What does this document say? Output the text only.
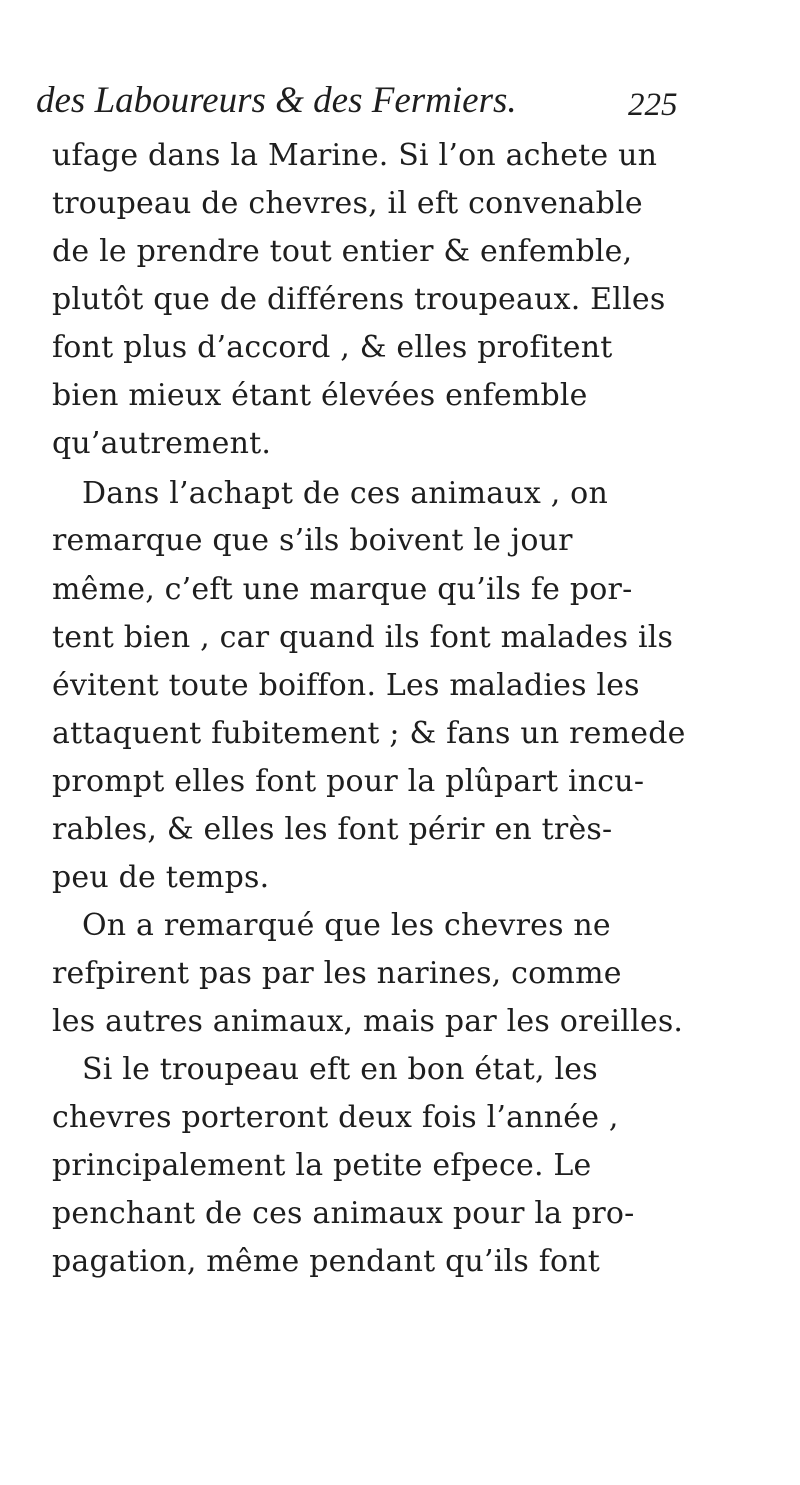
des Laboureurs & des Fermiers.	225
ufage dans la Marine. Si l’on achete un
troupeau de chevres, il eft convenable
de le prendre tout entier & enfemble,
plutôt que de différens troupeaux. Elles
font plus d’accord , & elles profitent
bien mieux étant élevées enfemble
qu’autrement.
Dans l’achapt de ces animaux , on
remarque que s’ils boivent le jour
même, c’eft une marque qu’ils fe por-
tent bien , car quand ils font malades ils
évitent toute boiffon. Les maladies les
attaquent fubitement ; & fans un remede
prompt elles font pour la plûpart incu-
rables, & elles les font périr en très-
peu de temps.
On a remarqué que les chevres ne
refpirent pas par les narines, comme
les autres animaux, mais par les oreilles.
Si le troupeau eft en bon état, les
chevres porteront deux fois l’année ,
principalement la petite efpece. Le
penchant de ces animaux pour la pro-
pagation, même pendant qu’ils font
